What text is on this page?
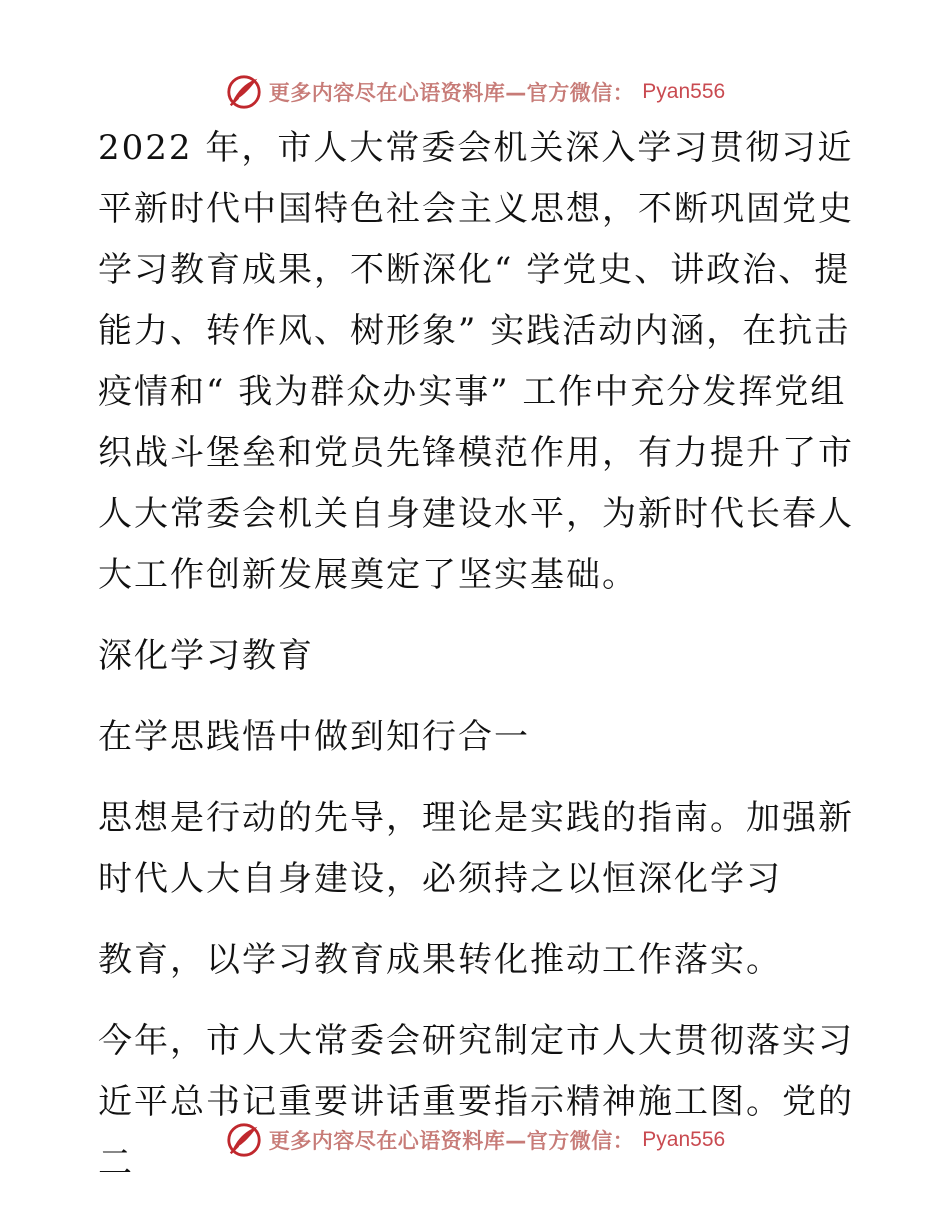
更多内容尽在心语资料库—官方微信： Pyan556

2022 年，市人大常委会机关深入学习贯彻习近平新时代中国特色社会主义思想，不断巩固党史学习教育成果，不断深化“ 学党史、讲政治、提能力、转作风、树形象” 实践活动内涵，在抗击疫情和“ 我为群众办实事” 工作中充分发挥党组织战斗堡垒和党员先锋模范作用，有力提升了市人大常委会机关自身建设水平，为新时代长春人大工作创新发展奠定了坚实基础。

深化学习教育

在学思践悟中做到知行合一

思想是行动的先导，理论是实践的指南。加强新时代人大自身建设，必须持之以恒深化学习

教育，以学习教育成果转化推动工作落实。

今年，市人大常委会研究制定市人大贯彻落实习近平总书记重要讲话重要指示精神施工图。党的二

更多内容尽在心语资料库—官方微信： Pyan556
